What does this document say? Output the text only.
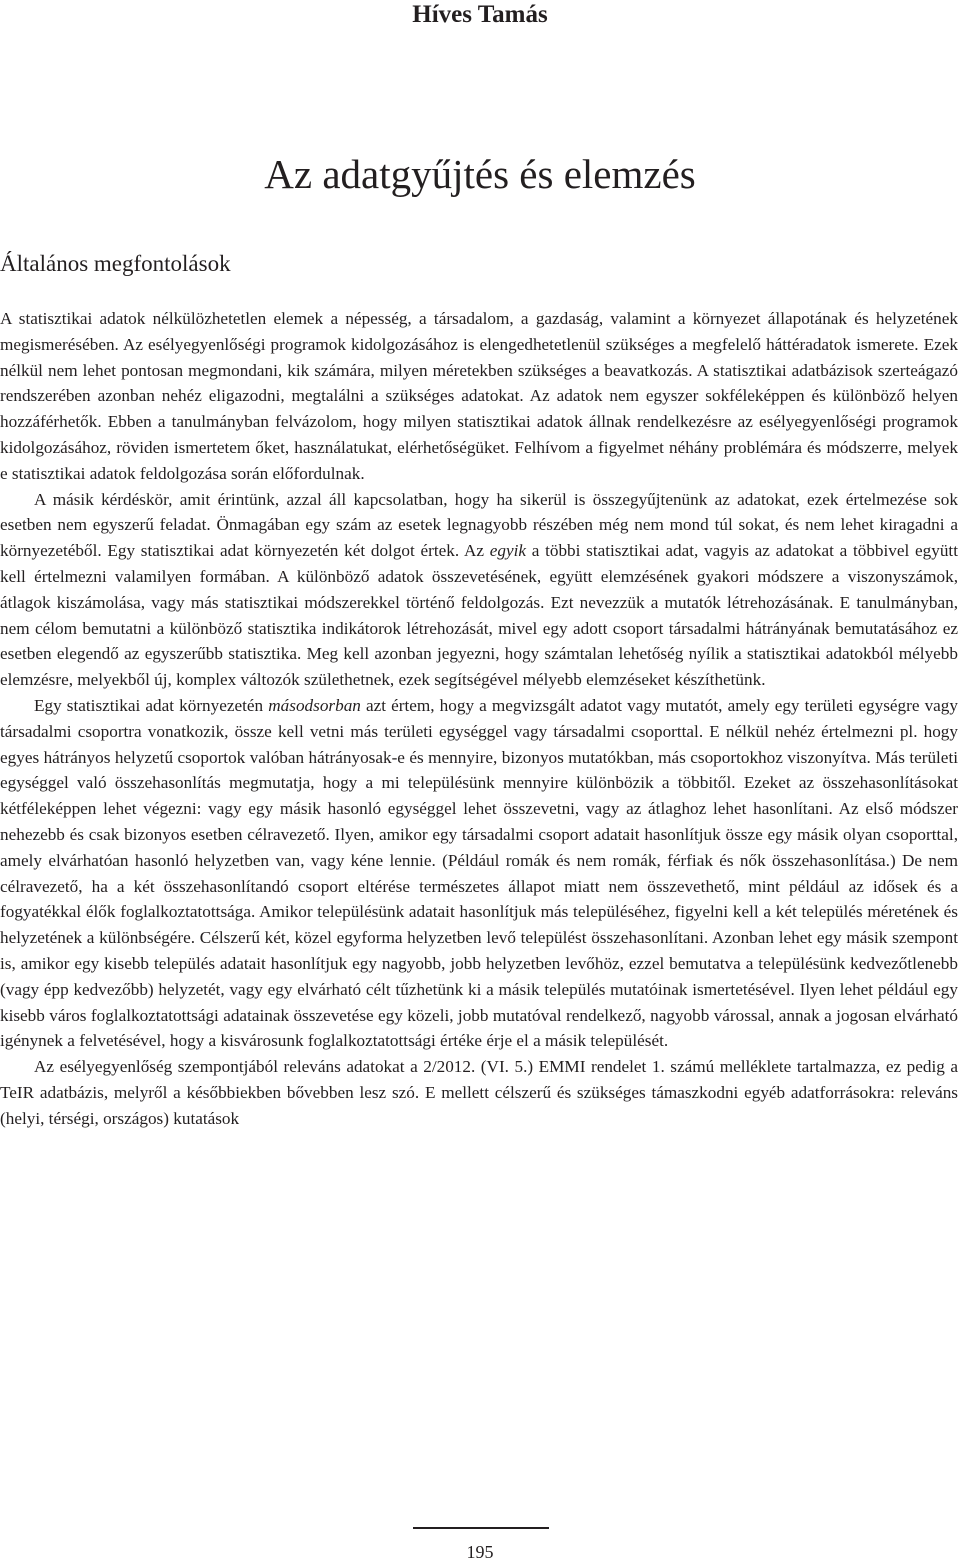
Híves Tamás
Az adatgyűjtés és elemzés
Általános megfontolások

A statisztikai adatok nélkülözhetetlen elemek a népesség, a társadalom, a gazdaság, valamint a környezet állapotának és helyzetének megismerésében. Az esélyegyenlőségi programok kidolgozásához is elengedhetetlenül szükséges a megfelelő háttéradatok ismerete. Ezek nélkül nem lehet pontosan megmondani, kik számára, milyen méretekben szükséges a beavatkozás. A statisztikai adatbázisok szerteágazó rendszerében azonban nehéz eligazodni, megtalálni a szükséges adatokat. Az adatok nem egyszer sokféleképpen és különböző helyen hozzáférhetők. Ebben a tanulmányban felvázolom, hogy milyen statisztikai adatok állnak rendelkezésre az esélyegyenlőségi programok kidolgozásához, röviden ismertetem őket, használatukat, elérhetőségüket. Felhívom a figyelmet néhány problémára és módszerre, melyek e statisztikai adatok feldolgozása során előfordulnak.

A másik kérdéskör, amit érintünk, azzal áll kapcsolatban, hogy ha sikerül is összegyűjtenünk az adatokat, ezek értelmezése sok esetben nem egyszerű feladat. Önmagában egy szám az esetek legnagyobb részében még nem mond túl sokat, és nem lehet kiragadni a környezetéből. Egy statisztikai adat környezetén két dolgot értek. Az egyik a többi statisztikai adat, vagyis az adatokat a többivel együtt kell értelmezni valamilyen formában. A különböző adatok összevetésének, együtt elemzésének gyakori módszere a viszonyszámok, átlagok kiszámolása, vagy más statisztikai módszerekkel történő feldolgozás. Ezt nevezzük a mutatók létrehozásának. E tanulmányban, nem célom bemutatni a különböző statisztika indikátorok létrehozását, mivel egy adott csoport társadalmi hátrányának bemutatásához ez esetben elegendő az egyszerűbb statisztika. Meg kell azonban jegyezni, hogy számtalan lehetőség nyílik a statisztikai adatokból mélyebb elemzésre, melyekből új, komplex változók születhetnek, ezek segítségével mélyebb elemzéseket készíthetünk.

Egy statisztikai adat környezetén másodsorban azt értem, hogy a megvizsgált adatot vagy mutatót, amely egy területi egységre vagy társadalmi csoportra vonatkozik, össze kell vetni más területi egységgel vagy társadalmi csoporttal. E nélkül nehéz értelmezni pl. hogy egyes hátrányos helyzetű csoportok valóban hátrányosak-e és mennyire, bizonyos mutatókban, más csoportokhoz viszonyítva. Más területi egységgel való összehasonlítás megmutatja, hogy a mi településünk mennyire különbözik a többitől. Ezeket az összehasonlításokat kétféleképpen lehet végezni: vagy egy másik hasonló egységgel lehet összevetni, vagy az átlaghoz lehet hasonlítani. Az első módszer nehezebb és csak bizonyos esetben célravezető. Ilyen, amikor egy társadalmi csoport adatait hasonlítjuk össze egy másik olyan csoporttal, amely elvárhatóan hasonló helyzetben van, vagy kéne lennie. (Például romák és nem romák, férfiak és nők összehasonlítása.) De nem célravezető, ha a két összehasonlítandó csoport eltérése természetes állapot miatt nem összevethető, mint például az idősek és a fogyatékkal élők foglalkoztatottsága. Amikor településünk adatait hasonlítjuk más településéhez, figyelni kell a két település méretének és helyzetének a különbségére. Célszerű két, közel egyforma helyzetben levő települést összehasonlítani. Azonban lehet egy másik szempont is, amikor egy kisebb település adatait hasonlítjuk egy nagyobb, jobb helyzetben levőhöz, ezzel bemutatva a településünk kedvezőtlenebb (vagy épp kedvezőbb) helyzetét, vagy egy elvárható célt tűzhetünk ki a másik település mutatóinak ismertetésével. Ilyen lehet például egy kisebb város foglalkoztatottsági adatainak összevetése egy közeli, jobb mutatóval rendelkező, nagyobb várossal, annak a jogosan elvárható igénynek a felvetésével, hogy a kisvárosunk foglalkoztatottsági értéke érje el a másik települését.

Az esélyegyenlőség szempontjából releváns adatokat a 2/2012. (VI. 5.) EMMI rendelet 1. számú melléklete tartalmazza, ez pedig a TeIR adatbázis, melyről a későbbiekben bővebben lesz szó. E mellett célszerű és szükséges támaszkodni egyéb adatforrásokra: releváns (helyi, térségi, országos) kutatások

195
